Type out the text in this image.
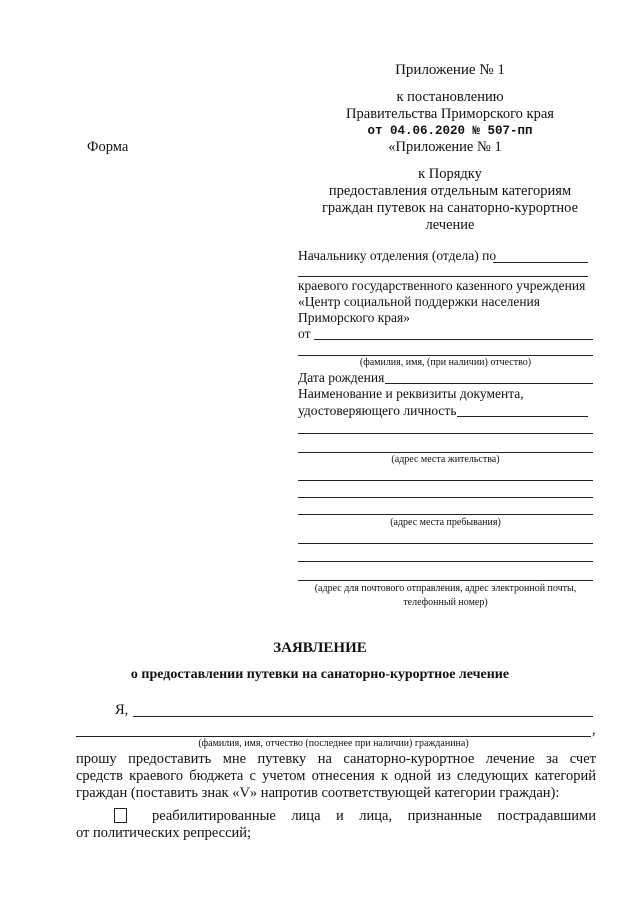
Приложение № 1
к постановлению
Правительства Приморского края
от 04.06.2020 № 507-пп
Форма	«Приложение № 1
к Порядку
предоставления отдельным категориям
граждан путевок на санаторно-курортное
лечение
Начальнику отделения (отдела) по
краевого государственного казенного учреждения
«Центр социальной поддержки населения
Приморского края»
от
(фамилия, имя, (при наличии) отчество)
Дата рождения
Наименование и реквизиты документа,
удостоверяющего личность
(адрес места жительства)
(адрес места пребывания)
(адрес для почтового отправления, адрес электронной почты,
телефонный номер)
ЗАЯВЛЕНИЕ
о предоставлении путевки на санаторно-курортное лечение
Я,
,
(фамилия, имя, отчество (последнее при наличии) гражданина)
прошу предоставить мне путевку на санаторно-курортное лечение за счет
средств краевого бюджета с учетом отнесения к одной из следующих категорий
граждан (поставить знак «V» напротив соответствующей категории граждан):
реабилитированные лица и лица, признанные пострадавшими
от политических репрессий;
